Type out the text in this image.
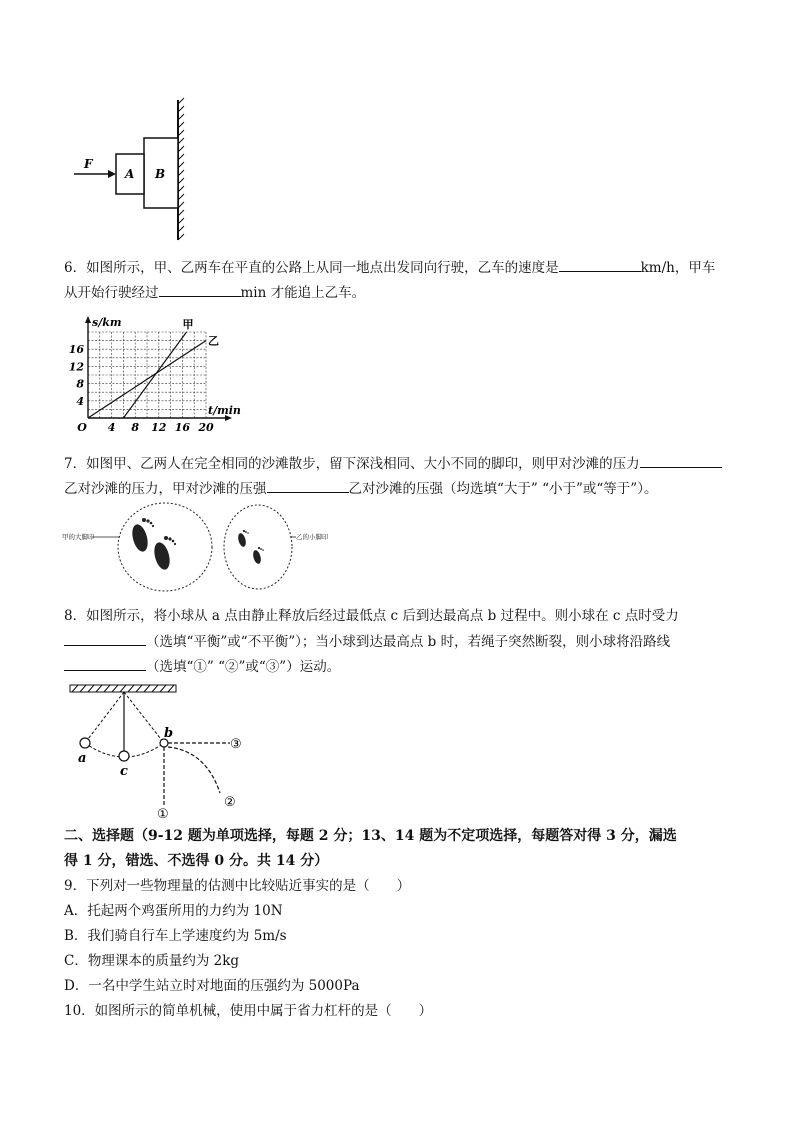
F
A B
6．如图所示，甲、乙两车在平直的公路上从同一地点出发同向行驶，乙车的速度是	km/h，甲车
从开始行驶经过	min 才能追上乙车。
4 8 12 16 20
4
8
12
16
O
甲
乙
s/km
t/min
7．如图甲、乙两人在完全相同的沙滩散步，留下深浅相同、大小不同的脚印，则甲对沙滩的压力
乙对沙滩的压力，甲对沙滩的压强	乙对沙滩的压强（均选填“大于” “小于”或“等于”）。
甲的大脚印	乙的小脚印
8．如图所示，将小球从 a 点由静止释放后经过最低点 c 后到达最高点 b 过程中。则小球在 c 点时受力
（选填“平衡”或“不平衡”）；当小球到达最高点 b 时，若绳子突然断裂，则小球将沿路线
（选填“①” “②”或“③”）运动。
a
b
c
①
②
③
二、选择题（9-12 题为单项选择，每题 2 分；13、14 题为不定项选择，每题答对得 3 分，漏选
得 1 分，错选、不选得 0 分。共 14 分）
9．下列对一些物理量的估测中比较贴近事实的是（　　）
A．托起两个鸡蛋所用的力约为 10N
B．我们骑自行车上学速度约为 5m/s
C．物理课本的质量约为 2kg
D．一名中学生站立时对地面的压强约为 5000Pa
10．如图所示的简单机械，使用中属于省力杠杆的是（　　）
